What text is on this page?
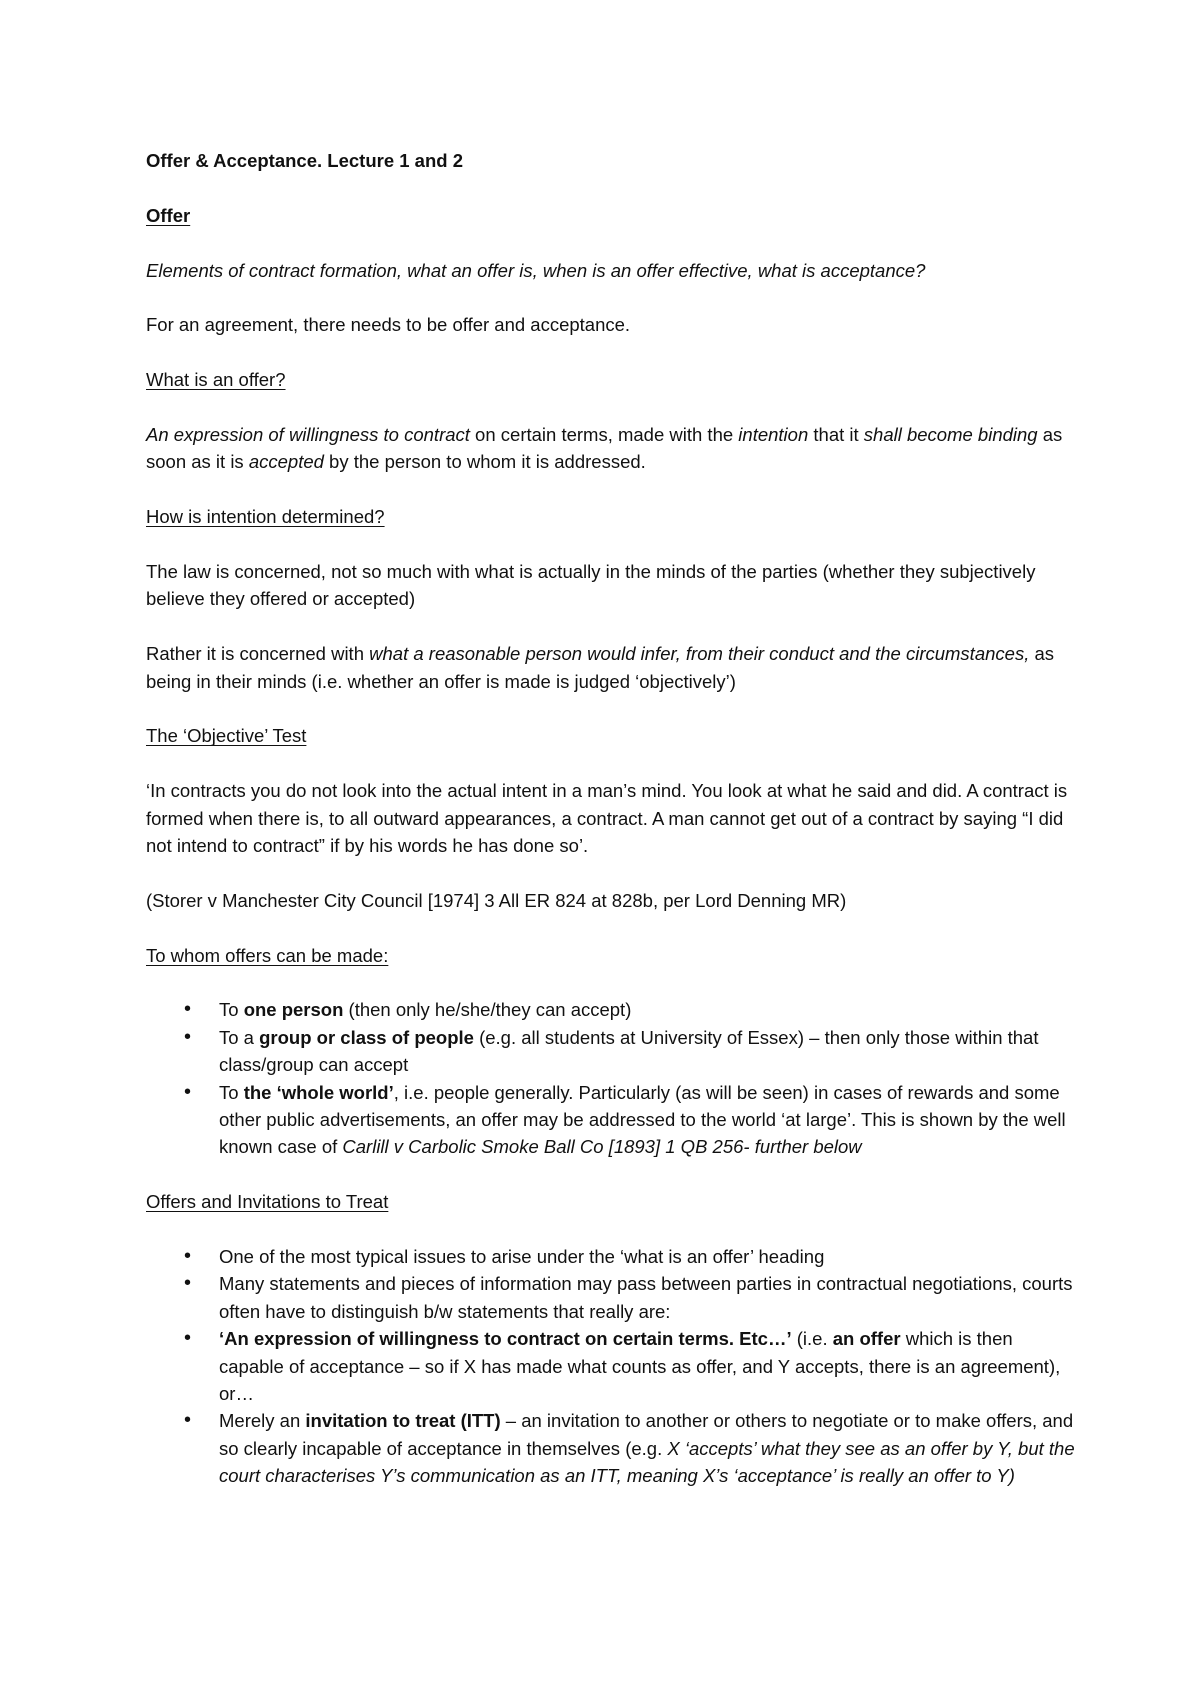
Offer & Acceptance. Lecture 1 and 2

Offer

Elements of contract formation, what an offer is, when is an offer effective, what is acceptance?

For an agreement, there needs to be offer and acceptance.

What is an offer?

An expression of willingness to contract on certain terms, made with the intention that it shall become binding as soon as it is accepted by the person to whom it is addressed.

How is intention determined?

The law is concerned, not so much with what is actually in the minds of the parties (whether they subjectively believe they offered or accepted)

Rather it is concerned with what a reasonable person would infer, from their conduct and the circumstances, as being in their minds (i.e. whether an offer is made is judged ‘objectively’)

The ‘Objective’ Test

‘In contracts you do not look into the actual intent in a man’s mind. You look at what he said and did. A contract is formed when there is, to all outward appearances, a contract. A man cannot get out of a contract by saying “I did not intend to contract” if by his words he has done so’.

(Storer v Manchester City Council [1974] 3 All ER 824 at 828b, per Lord Denning MR)

To whom offers can be made:

• To one person (then only he/she/they can accept)
• To a group or class of people (e.g. all students at University of Essex) – then only those within that class/group can accept
• To the ‘whole world’, i.e. people generally. Particularly (as will be seen) in cases of rewards and some other public advertisements, an offer may be addressed to the world ‘at large’. This is shown by the well known case of Carlill v Carbolic Smoke Ball Co [1893] 1 QB 256- further below

Offers and Invitations to Treat

• One of the most typical issues to arise under the ‘what is an offer’ heading
• Many statements and pieces of information may pass between parties in contractual negotiations, courts often have to distinguish b/w statements that really are:
• ‘An expression of willingness to contract on certain terms. Etc…’ (i.e. an offer which is then capable of acceptance – so if X has made what counts as offer, and Y accepts, there is an agreement), or…
• Merely an invitation to treat (ITT) – an invitation to another or others to negotiate or to make offers, and so clearly incapable of acceptance in themselves (e.g. X ‘accepts’ what they see as an offer by Y, but the court characterises Y’s communication as an ITT, meaning X’s ‘acceptance’ is really an offer to Y)
